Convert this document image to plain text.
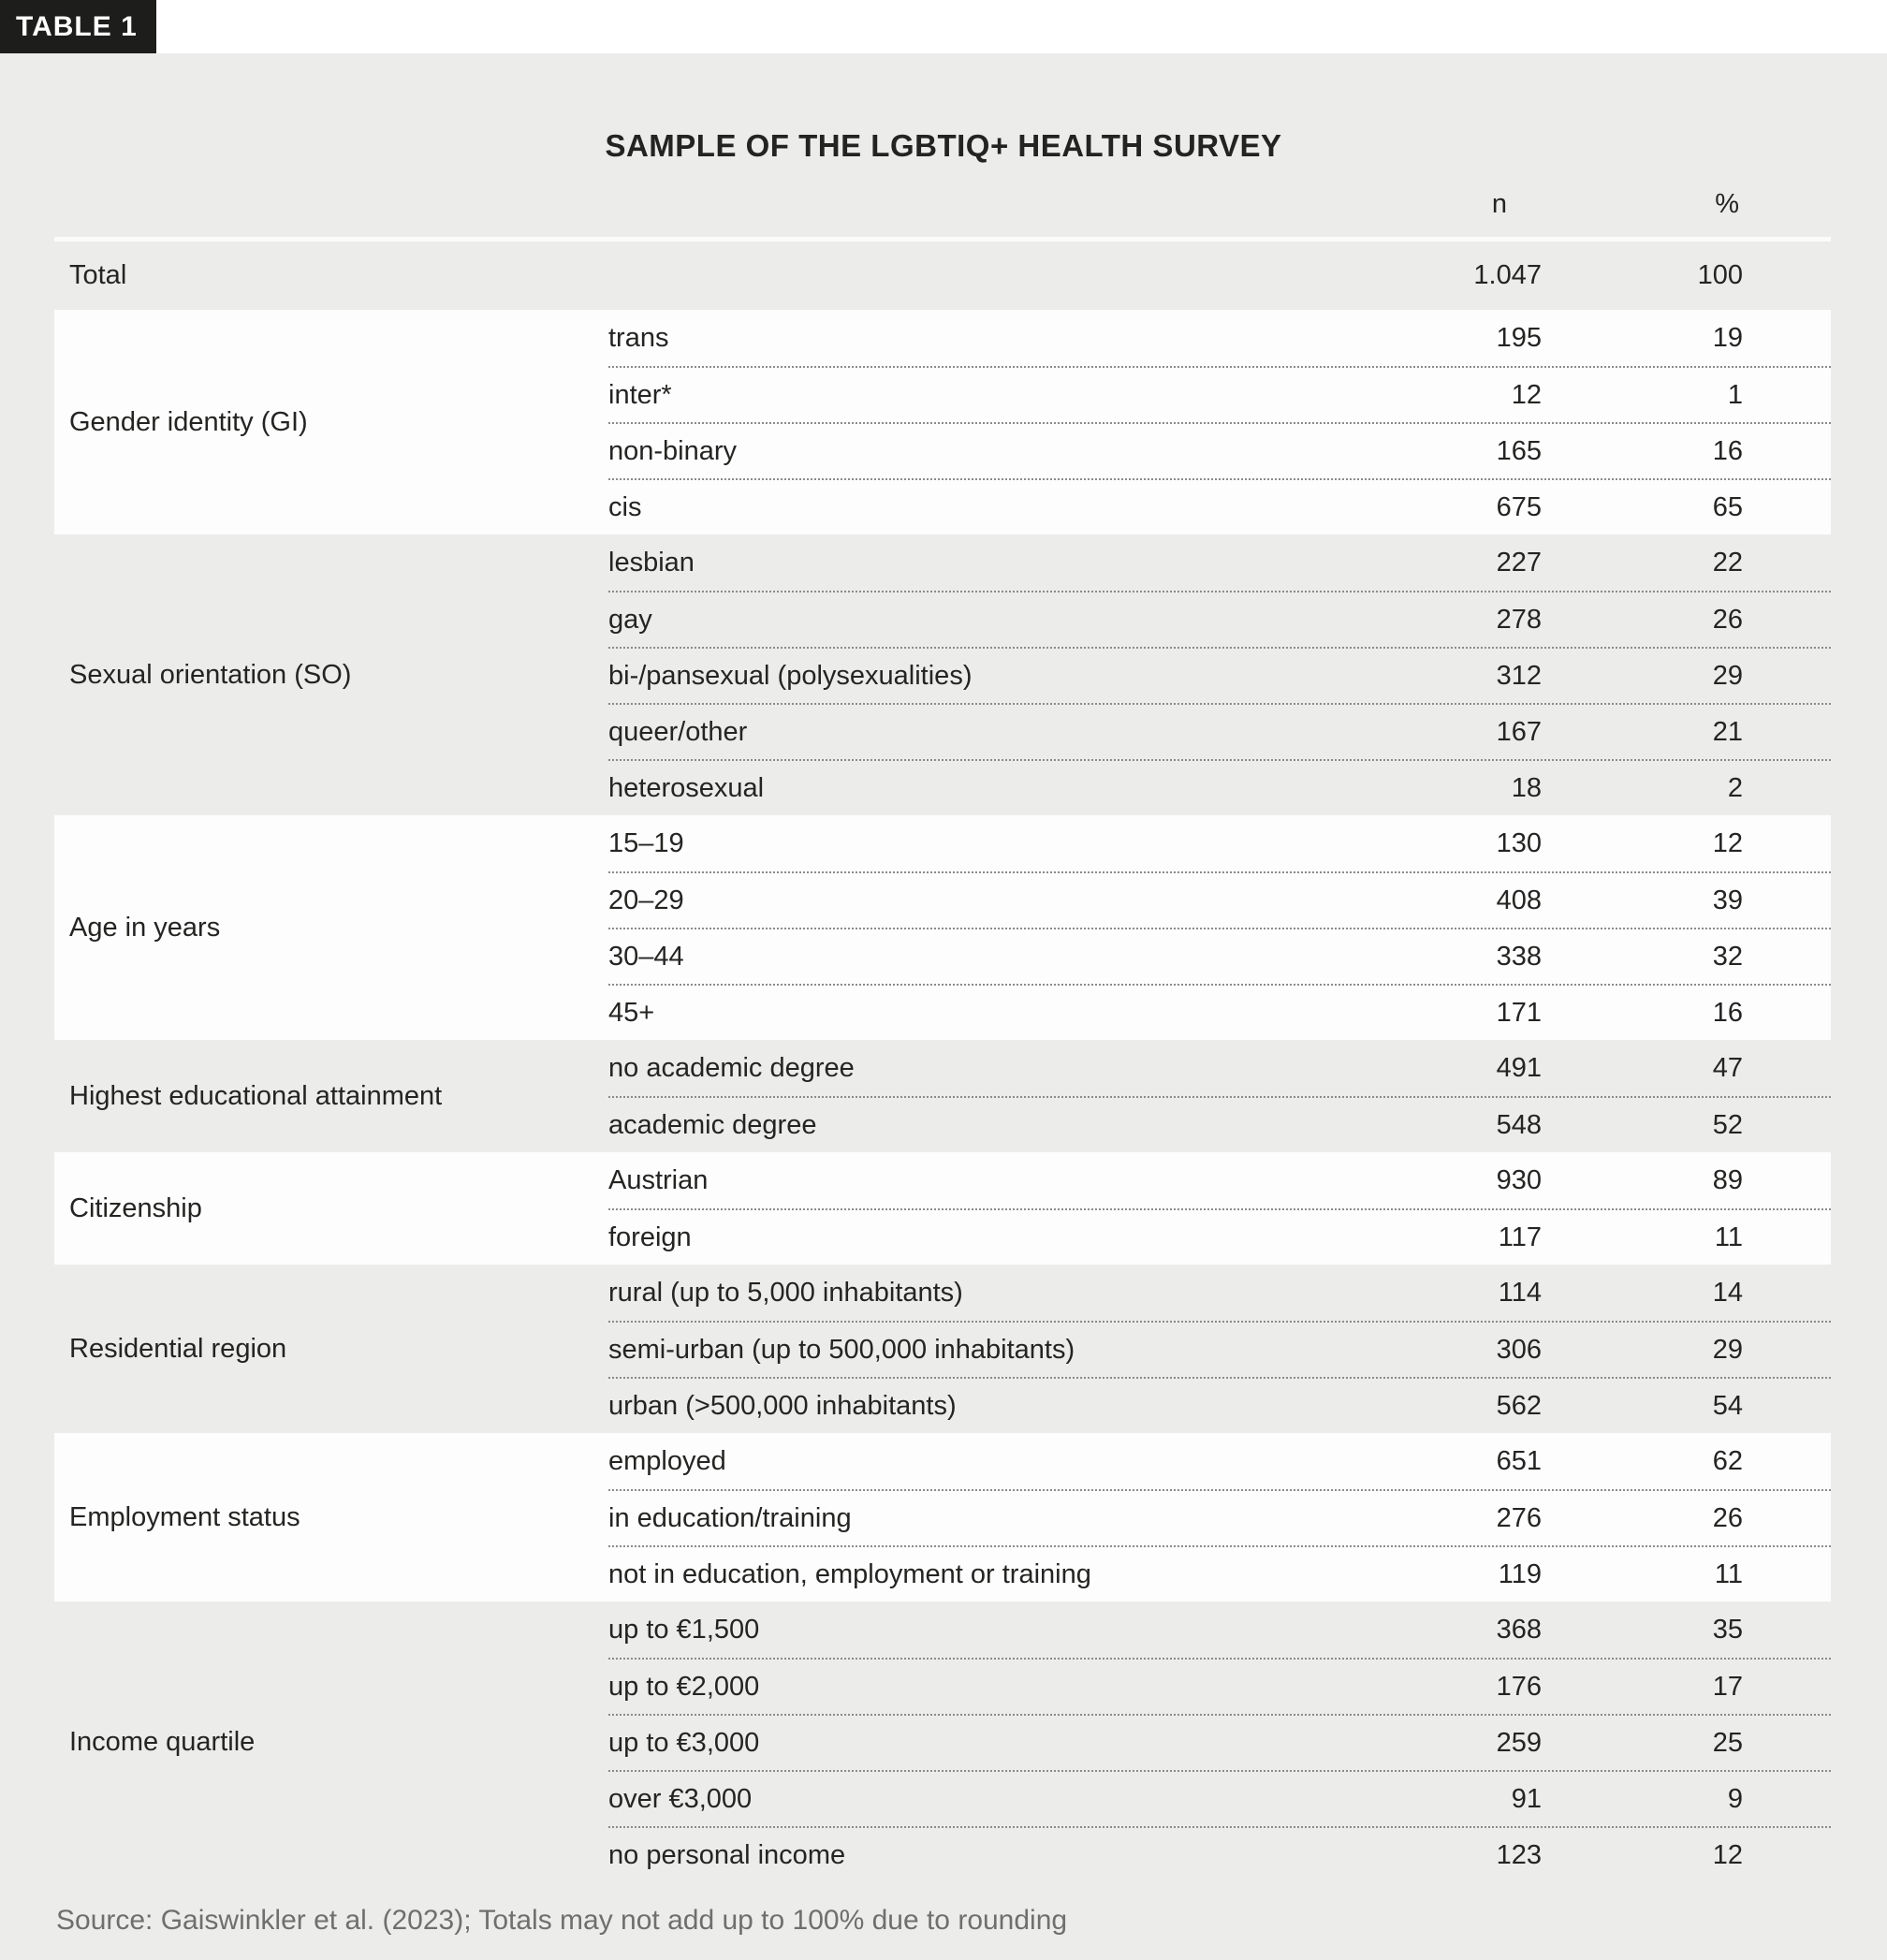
TABLE 1
SAMPLE OF THE LGBTIQ+ HEALTH SURVEY
n	%
Total	1.047	100
Gender identity (GI)
trans	195	19
inter*	12	1
non-binary	165	16
cis	675	65
Sexual orientation (SO)
lesbian	227	22
gay	278	26
bi-/pansexual (polysexualities)	312	29
queer/other	167	21
heterosexual	18	2
Age in years
15–19	130	12
20–29	408	39
30–44	338	32
45+	171	16
Highest educational attainment
no academic degree	491	47
academic degree	548	52
Citizenship
Austrian	930	89
foreign	117	11
Residential region
rural (up to 5,000 inhabitants)	114	14
semi-urban (up to 500,000 inhabitants)	306	29
urban (>500,000 inhabitants)	562	54
Employment status
employed	651	62
in education/training	276	26
not in education, employment or training	119	11
Income quartile
up to €1,500	368	35
up to €2,000	176	17
up to €3,000	259	25
over €3,000	91	9
no personal income	123	12
Source: Gaiswinkler et al. (2023); Totals may not add up to 100% due to rounding
